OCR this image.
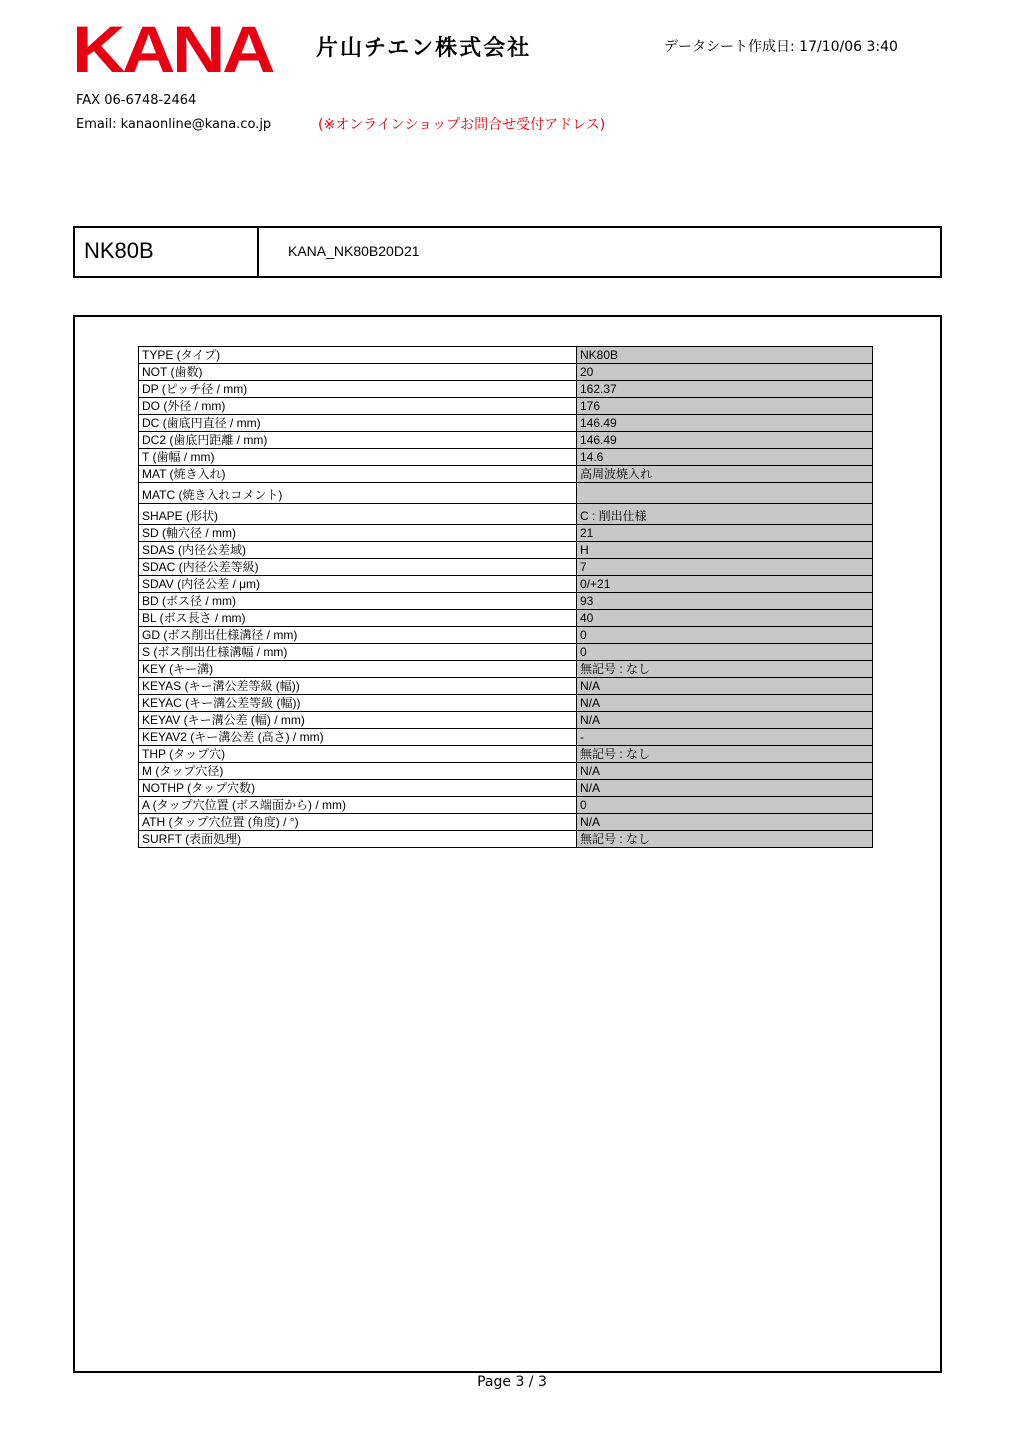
KANA	片山チエン株式会社	データシート作成日: 17/10/06 3:40
FAX 06-6748-2464
Email: kanaonline@kana.co.jp	(※オンラインショップお問合せ受付アドレス)
NK80B	KANA_NK80B20D21
TYPE (タイプ)	NK80B
NOT (歯数)	20
DP (ピッチ径 / mm)	162.37
DO (外径 / mm)	176
DC (歯底円直径 / mm)	146.49
DC2 (歯底円距離 / mm)	146.49
T (歯幅 / mm)	14.6
MAT (焼き入れ)	高周波焼入れ
MATC (焼き入れコメント)	
SHAPE (形状)	C : 削出仕様
SD (軸穴径 / mm)	21
SDAS (内径公差域)	H
SDAC (内径公差等級)	7
SDAV (内径公差 / μm)	0/+21
BD (ボス径 / mm)	93
BL (ボス長さ / mm)	40
GD (ボス削出仕様溝径 / mm)	0
S (ボス削出仕様溝幅 / mm)	0
KEY (キー溝)	無記号 : なし
KEYAS (キー溝公差等級 (幅))	N/A
KEYAC (キー溝公差等級 (幅))	N/A
KEYAV (キー溝公差 (幅) / mm)	N/A
KEYAV2 (キー溝公差 (高さ) / mm)	-
THP (タップ穴)	無記号 : なし
M (タップ穴径)	N/A
NOTHP (タップ穴数)	N/A
A (タップ穴位置 (ボス端面から) / mm)	0
ATH (タップ穴位置 (角度) / °)	N/A
SURFT (表面処理)	無記号 : なし
Page 3 / 3
